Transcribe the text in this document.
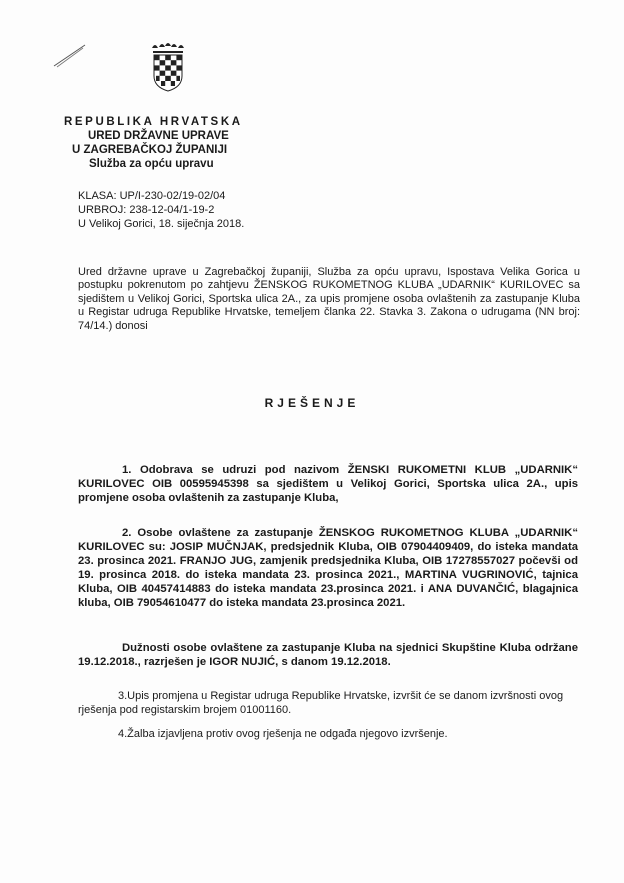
REPUBLIKA HRVATSKA
URED DRŽAVNE UPRAVE
U ZAGREBAČKOJ ŽUPANIJI
Služba za opću upravu
KLASA: UP/I-230-02/19-02/04
URBROJ: 238-12-04/1-19-2
U Velikoj Gorici, 18. siječnja 2018.
Ured državne uprave u Zagrebačkoj županiji, Služba za opću upravu, Ispostava Velika Gorica u postupku pokrenutom po zahtjevu ŽENSKOG RUKOMETNOG KLUBA „UDARNIK“ KURILOVEC sa sjedištem u Velikoj Gorici, Sportska ulica 2A., za upis promjene osoba ovlaštenih za zastupanje Kluba u Registar udruga Republike Hrvatske, temeljem članka 22. Stavka 3. Zakona o udrugama (NN broj: 74/14.) donosi
RJEŠENJE
1. Odobrava se udruzi pod nazivom ŽENSKI RUKOMETNI KLUB „UDARNIK“ KURILOVEC OIB 00595945398 sa sjedištem u Velikoj Gorici, Sportska ulica 2A., upis promjene osoba ovlaštenih za zastupanje Kluba,
2. Osobe ovlaštene za zastupanje ŽENSKOG RUKOMETNOG KLUBA „UDARNIK“ KURILOVEC su: JOSIP MUČNJAK, predsjednik Kluba, OIB 07904409409, do isteka mandata 23. prosinca 2021. FRANJO JUG, zamjenik predsjednika Kluba, OIB 17278557027 počevši od 19. prosinca 2018. do isteka mandata 23. prosinca 2021., MARTINA VUGRINOVIĆ, tajnica Kluba, OIB 40457414883 do isteka mandata 23.prosinca 2021. i ANA DUVANČIĆ, blagajnica kluba, OIB 79054610477 do isteka mandata 23.prosinca 2021.
Dužnosti osobe ovlaštene za zastupanje Kluba na sjednici Skupštine Kluba održane 19.12.2018., razrješen je IGOR NUJIĆ, s danom 19.12.2018.
3.Upis promjena u Registar udruga Republike Hrvatske, izvršit će se danom izvršnosti ovog rješenja pod registarskim brojem 01001160.
4.Žalba izjavljena protiv ovog rješenja ne odgađa njegovo izvršenje.
